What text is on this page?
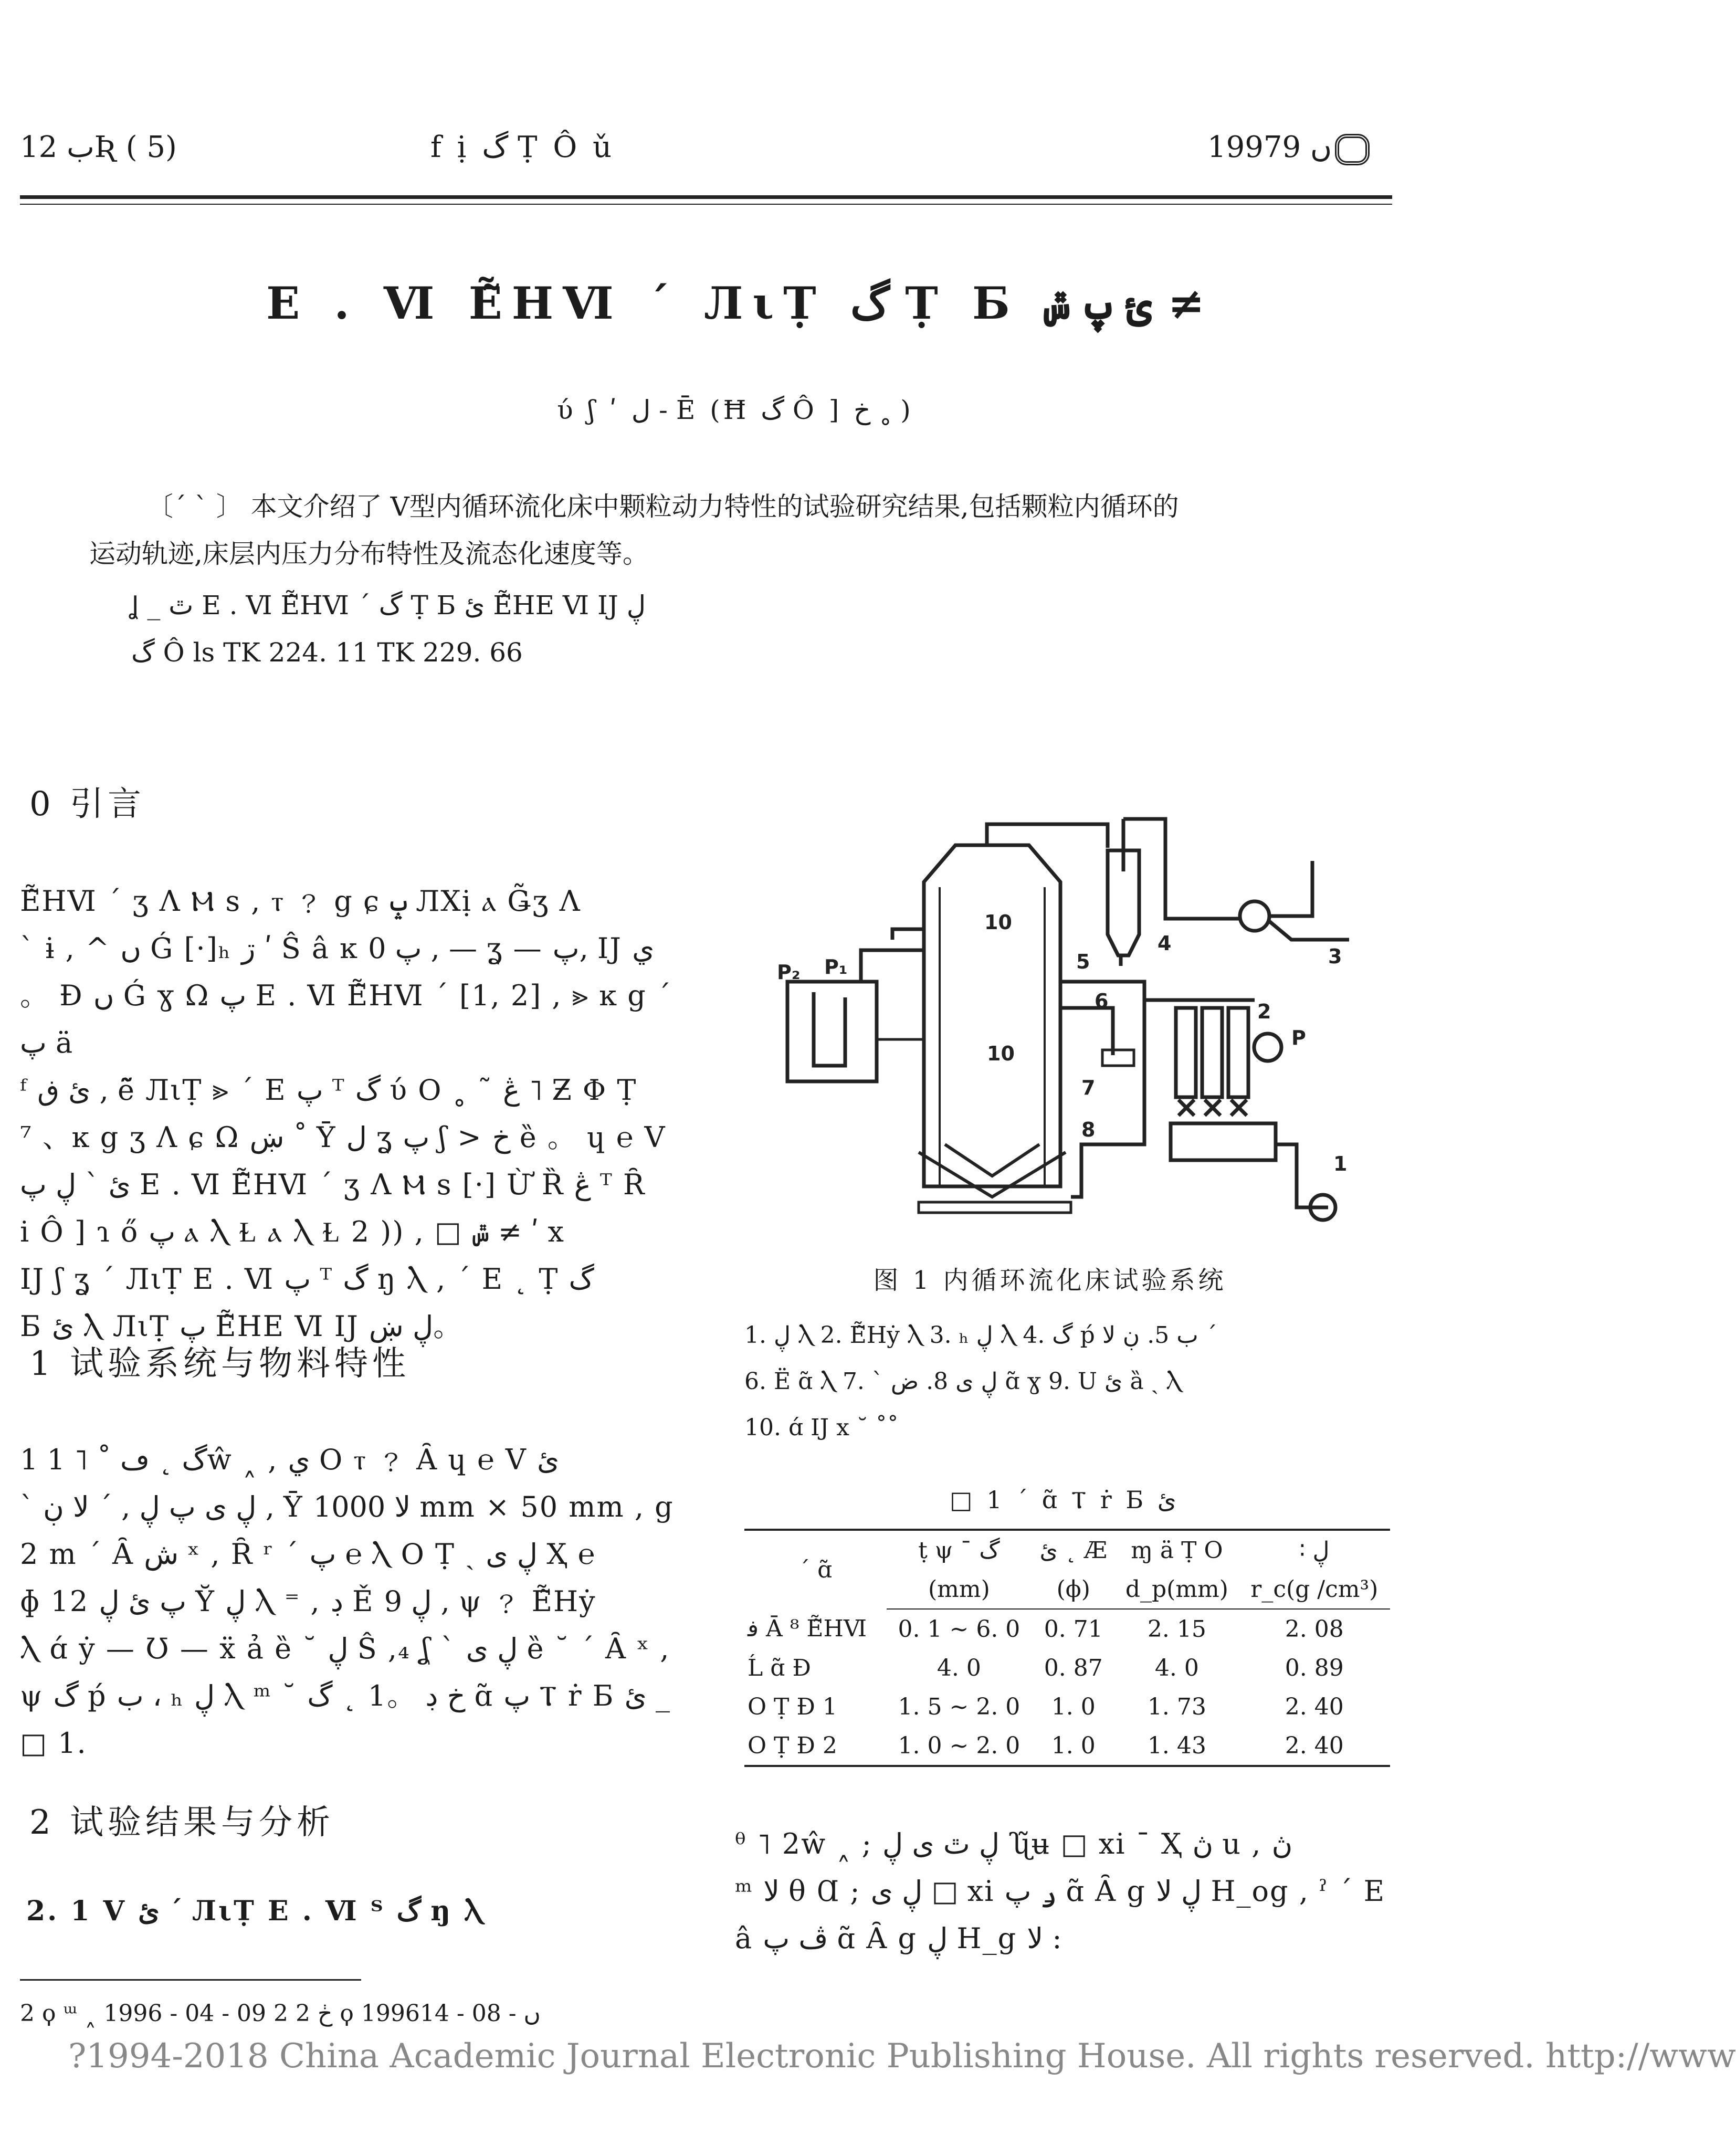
ب 12Ʀ ( 5)	f ị گ Ṭ Ô ǔ	1997ں 9
E . Ⅵ Ẽ̃HⅥ ˊ ЛιṬ گ Ṭ Б ئ پ ݜ ≠
ύ ʃ ʹ ل - Ē (Ħ گ Ô ] خ ˳ )
〔ˊ ˋ 〕 本文介绍了 V型内循环流化床中颗粒动力特性的试验研究结果,包括颗粒内循环的
运动轨迹,床层内压力分布特性及流态化速度等。
Ʝ _ ٿ E . Ⅵ Ẽ̃HⅥ ˊ گ Ṭ Б ئ Ẽ̃HE Ⅵ IJ ڸ
گ Ô ls TK 224. 11 TK 229. 66
0 引言
Ẽ̃HⅥ ˊ ʒ Ʌ Ⲙ s , ⲧ ﹖ g ɕ ݒ ЛXị ⲁ Ǥ̃ʒ Ʌ
ˋ ɨ , ^ ں Ǵ [·]ₕ ڗ ʹ Ŝ â ĸ پ 0 , — ʓ — پ, IJ ي
。 Ɖ ں Ǵ ɣ Ω پ E . Ⅵ Ẽ̃HⅥ ˊ [1, 2] , ⪢ ĸ g ˊ پ ä
ᶠ ئ ڧ , ẽ̃ ЛιṬ ⪢ ˊ E پ ᵀ گ ύ O ˳ ˜ ڠ ˥ Ƶ Φ Ṭ
⁷ 、ĸ g ʒ Ʌ ɕ Ω ښ ˚ Ῡ ل ʓ پ ʃ > خ ȅ 。 ɥ ℮ V
ئ ` ڸ پ E . Ⅵ Ẽ̃HⅥ ˊ ʒ Ʌ Ⲙ s [·] Ừ Ȑ ڠ ᵀ Ȓ
i Ô ] ɿ ő پ ⲁ Ⲗ Ɫ ⲁ Ⲗ Ɫ 2 )) , □ ݜ ≠ ʹ x
IJ ʃ ʓ ˊ ЛιṬ E . Ⅵ پ ᵀ گ ŋ Ⲗ , ˊ E ˛ Ṭ گ
Б ئ Ⲗ ЛιṬ پ Ẽ̃HE Ⅵ IJ ڸ ښ。
1 试验系统与物料特性
1 گ ˛ ڡ ˚ ˥ 1ŵ ˰ , ي O ⲧ ﹖ Ȃ ɥ ℮ V ئ
ˋ ڸ ى پ ڸ , ˊ ﻻ ڹ , Ῡ ﻻ 1000 mm × 50 mm , g
2 m ˊ Ȃ ش ˣ , Ȓ ʳ ˊ پ ℮ Ⲗ O Ṭ ˎ ڸ ى Ҳ ℮
ɸ 12 پ ئ ڸ Ῠ ڸ Ⲗ ⁼ , ڊ Ě ڸ 9 , ψ ﹖ Ẽ̃Hẏ
Ⲗ ɑ́ ẏ — Ʊ — ẍ ả ȅ ˘ ڸ Ŝ ,₄ ʆ ˋ ڸ ى ȅ ˘ ˊ Ȃ ˣ ,
ψ گ ṕ ب ، ₕ ڸ Ⲗ ᵐ ˘ خ ڊ 。1 ˛ گ ɑ̃ پ Ⲧ ṙ Б ئ _
□ 1.
2 试验结果与分析
2. 1 V ئ ˊ ЛιṬ E . Ⅵ ᵀ گ ŋ Ⲗ
10
5
4
3
6	2
P
10
7
8
1
P₂ P₁
图 1 内循环流化床试验系统
1. ڸ Ⲗ 2. Ẽ̃Hẏ Ⲗ 3. ₕ ڸ Ⲗ 4. گ ṕ ب 5. ڹ ﻻ ˊ
6. Ë ɑ̃ Ⲗ 7. ` ڸ ى 8. ض ɑ̃ ɣ 9. U ئ ȁ ˎ Ⲗ
10. ɑ́ IJ x ˘ ˚˚
□ 1 ˊ ɑ̃ Ⲧ ṙ Б ئ
ˊ ɑ̃	ṭ ψ ˉ گ	ئ ˛ Æ	ɱ ä Ṭ O	∶ ڸ
	(mm)	(ϕ)	d_p(mm)	r_c(g /cm³)
ﻓ Ā ⁸ Ẽ̃HⅥ	0. 1 ~ 6. 0	0. 71	2. 15	2. 08
Ĺ ɑ̃ Ɖ	4. 0	0. 87	4. 0	0. 89
O Ṭ Ɖ 1	1. 5 ~ 2. 0	1. 0	1. 73	2. 40
O Ṭ Ɖ 2	1. 0 ~ 2. 0	1. 0	1. 43	2. 40
ᶿ ˥ 2ŵ ˰ ; ڸ ٿ ى ڸ ʯ̃ʉ □ xi ˉ Ҳ ڽ u , ڽ
ᵐ ﻻ θ Ɑ ; ڸ ى □ xi ݛ پ ɑ̃ Ȃ g ڸ ﻻ H_og , ˀ ˊ E
â ڤ پ ɑ̃ Ȃ g ڸ H_g ﻻ :
2 ϙ ᵚ ˰ 1996 - 04 - 09 2 ڂ 2 ϙ 1996ں - 08 - 14
?1994-2018 China Academic Journal Electronic Publishing House. All rights reserved. http://www
